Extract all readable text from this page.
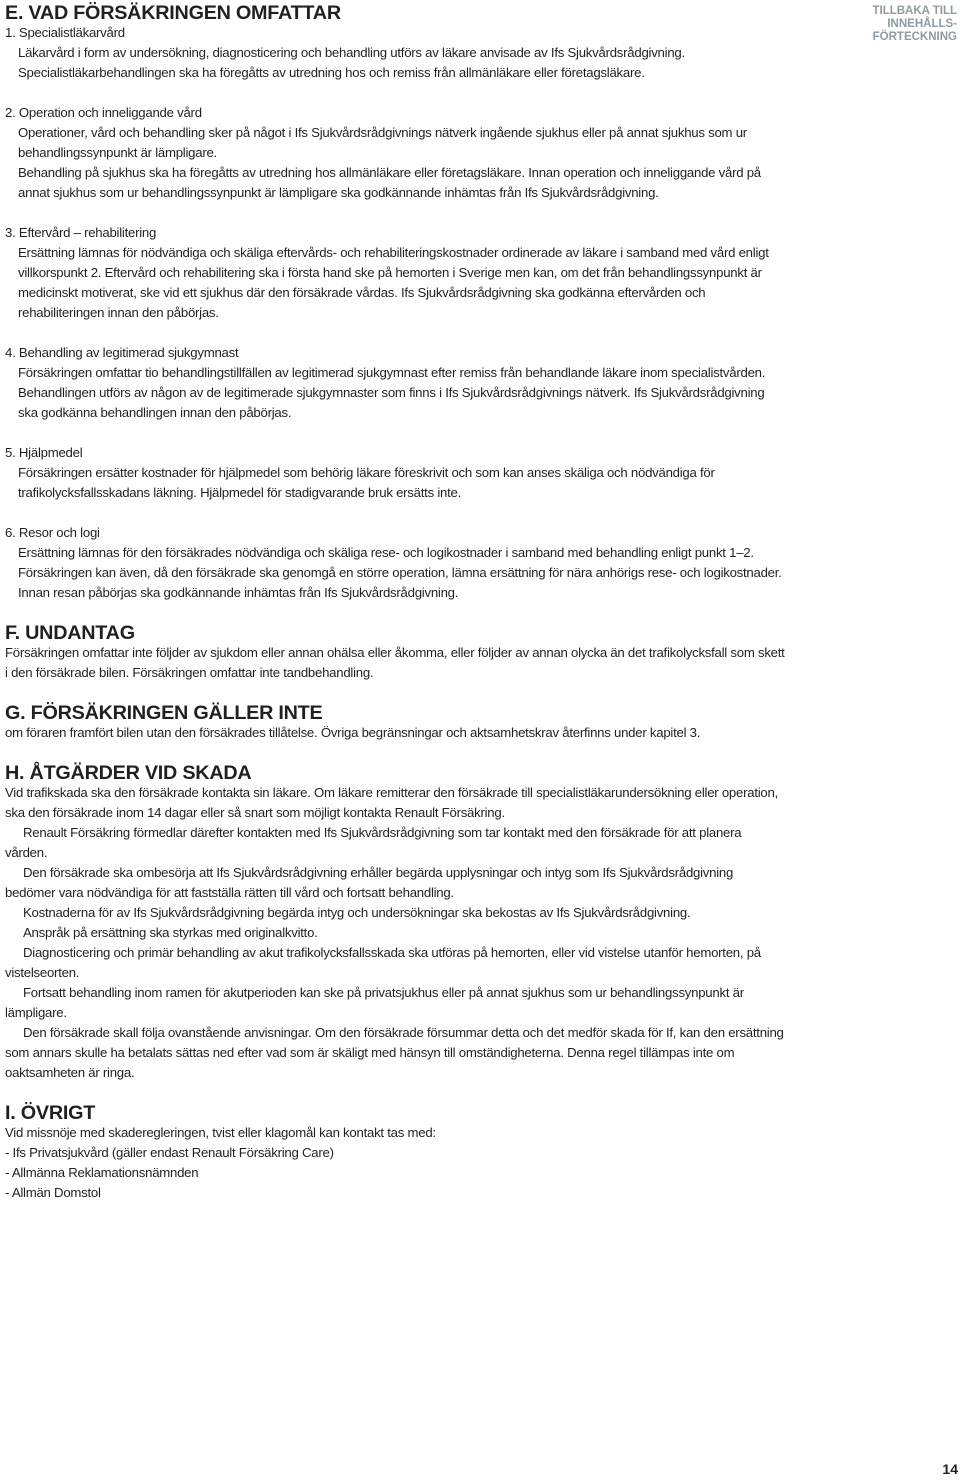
TILLBAKA TILL
INNEHÅLLS-
FÖRTECKNING
E. VAD FÖRSÄKRINGEN OMFATTAR

1. Specialistläkarvård

Läkarvård i form av undersökning, diagnosticering och behandling utförs av läkare anvisade av Ifs Sjukvårdsrådgivning.

Specialistläkarbehandlingen ska ha föregåtts av utredning hos och remiss från allmänläkare eller företagsläkare.

2. Operation och inneliggande vård

Operationer, vård och behandling sker på något i Ifs Sjukvårdsrådgivnings nätverk ingående sjukhus eller på annat sjukhus som ur behandlingssynpunkt är lämpligare.

Behandling på sjukhus ska ha föregåtts av utredning hos allmänläkare eller företagsläkare. Innan operation och inneliggande vård på annat sjukhus som ur behandlingssynpunkt är lämpligare ska godkännande inhämtas från Ifs Sjukvårdsrådgivning.

3. Eftervård – rehabilitering

Ersättning lämnas för nödvändiga och skäliga eftervårds- och rehabiliteringskostnader ordinerade av läkare i samband med vård enligt villkorspunkt 2. Eftervård och rehabilitering ska i första hand ske på hemorten i Sverige men kan, om det från behandlingssynpunkt är medicinskt motiverat, ske vid ett sjukhus där den försäkrade vårdas. Ifs Sjukvårdsrådgivning ska godkänna eftervården och rehabiliteringen innan den påbörjas.

4. Behandling av legitimerad sjukgymnast

Försäkringen omfattar tio behandlingstillfällen av legitimerad sjukgymnast efter remiss från behandlande läkare inom specialistvården. Behandlingen utförs av någon av de legitimerade sjukgymnaster som finns i Ifs Sjukvårdsrådgivnings nätverk. Ifs Sjukvårdsrådgivning ska godkänna behandlingen innan den påbörjas.

5. Hjälpmedel

Försäkringen ersätter kostnader för hjälpmedel som behörig läkare föreskrivit och som kan anses skäliga och nödvändiga för trafikolycksfallsskadans läkning. Hjälpmedel för stadigvarande bruk ersätts inte.

6. Resor och logi

Ersättning lämnas för den försäkrades nödvändiga och skäliga rese- och logikostnader i samband med behandling enligt punkt 1–2. Försäkringen kan även, då den försäkrade ska genomgå en större operation, lämna ersättning för nära anhörigs rese- och logikostnader. Innan resan påbörjas ska godkännande inhämtas från Ifs Sjukvårdsrådgivning.

F. UNDANTAG

Försäkringen omfattar inte följder av sjukdom eller annan ohälsa eller åkomma, eller följder av annan olycka än det trafikolycksfall som skett i den försäkrade bilen. Försäkringen omfattar inte tandbehandling.

G. FÖRSÄKRINGEN GÄLLER INTE

om föraren framfört bilen utan den försäkrades tillåtelse. Övriga begränsningar och aktsamhetskrav återfinns under kapitel 3.

H. ÅTGÄRDER VID SKADA

Vid trafikskada ska den försäkrade kontakta sin läkare. Om läkare remitterar den försäkrade till specialistläkarundersökning eller operation, ska den försäkrade inom 14 dagar eller så snart som möjligt kontakta Renault Försäkring.

Renault Försäkring förmedlar därefter kontakten med Ifs Sjukvårdsrådgivning som tar kontakt med den försäkrade för att planera vården.

Den försäkrade ska ombesörja att Ifs Sjukvårdsrådgivning erhåller begärda upplysningar och intyg som Ifs Sjukvårdsrådgivning bedömer vara nödvändiga för att fastställa rätten till vård och fortsatt behandling.

Kostnaderna för av Ifs Sjukvårdsrådgivning begärda intyg och undersökningar ska bekostas av Ifs Sjukvårdsrådgivning.

Anspråk på ersättning ska styrkas med originalkvitto.

Diagnosticering och primär behandling av akut trafikolycksfallsskada ska utföras på hemorten, eller vid vistelse utanför hemorten, på vistelseorten.

Fortsatt behandling inom ramen för akutperioden kan ske på privatsjukhus eller på annat sjukhus som ur behandlingssynpunkt är lämpligare.

Den försäkrade skall följa ovanstående anvisningar. Om den försäkrade försummar detta och det medför skada för If, kan den ersättning som annars skulle ha betalats sättas ned efter vad som är skäligt med hänsyn till omständigheterna. Denna regel tillämpas inte om oaktsamheten är ringa.

I. ÖVRIGT

Vid missnöje med skaderegleringen, tvist eller klagomål kan kontakt tas med:

- Ifs Privatsjukvård (gäller endast Renault Försäkring Care)

- Allmänna Reklamationsnämnden

- Allmän Domstol

14
